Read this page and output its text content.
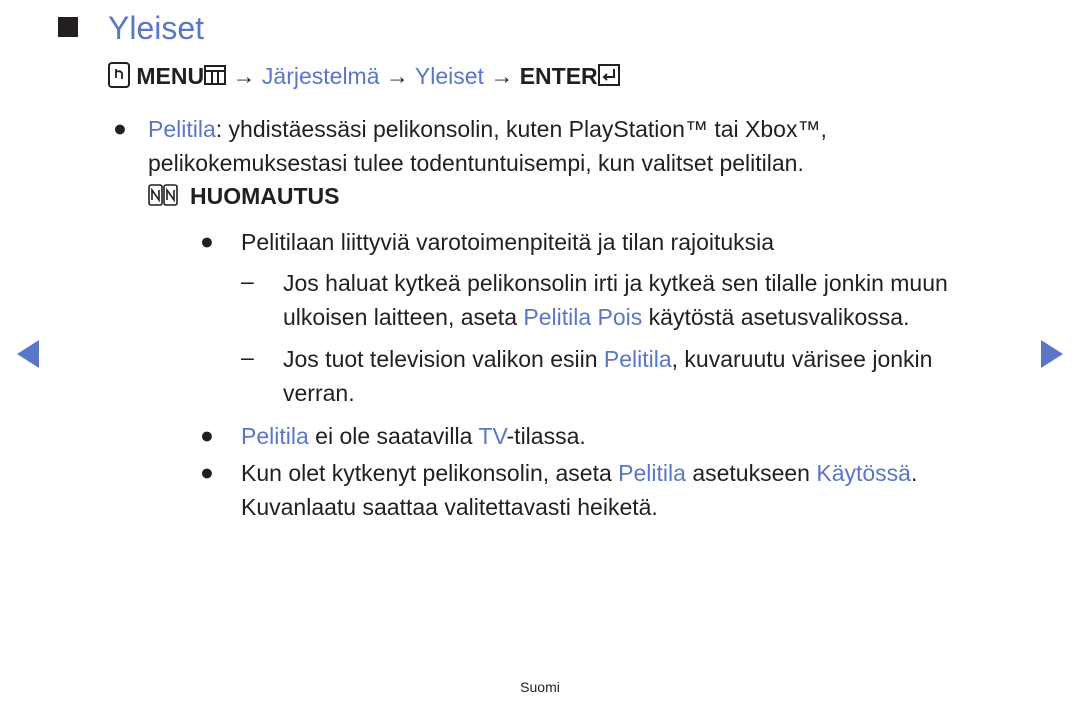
Yleiset
MENU → Järjestelmä → Yleiset → ENTER
● Pelitila: yhdistäessäsi pelikonsolin, kuten PlayStation™ tai Xbox™,
pelikokemuksestasi tulee todentuntuisempi, kun valitset pelitilan.

HUOMAUTUS
● Pelitilaan liittyviä varotoimenpiteitä ja tilan rajoituksia

– Jos haluat kytkeä pelikonsolin irti ja kytkeä sen tilalle jonkin muun
ulkoisen laitteen, aseta Pelitila Pois käytöstä asetusvalikossa.

– Jos tuot television valikon esiin Pelitila, kuvaruutu värisee jonkin
verran.

● Pelitila ei ole saatavilla TV-tilassa.

● Kun olet kytkenyt pelikonsolin, aseta Pelitila asetukseen Käytössä.
Kuvanlaatu saattaa valitettavasti heiketä.

Suomi
